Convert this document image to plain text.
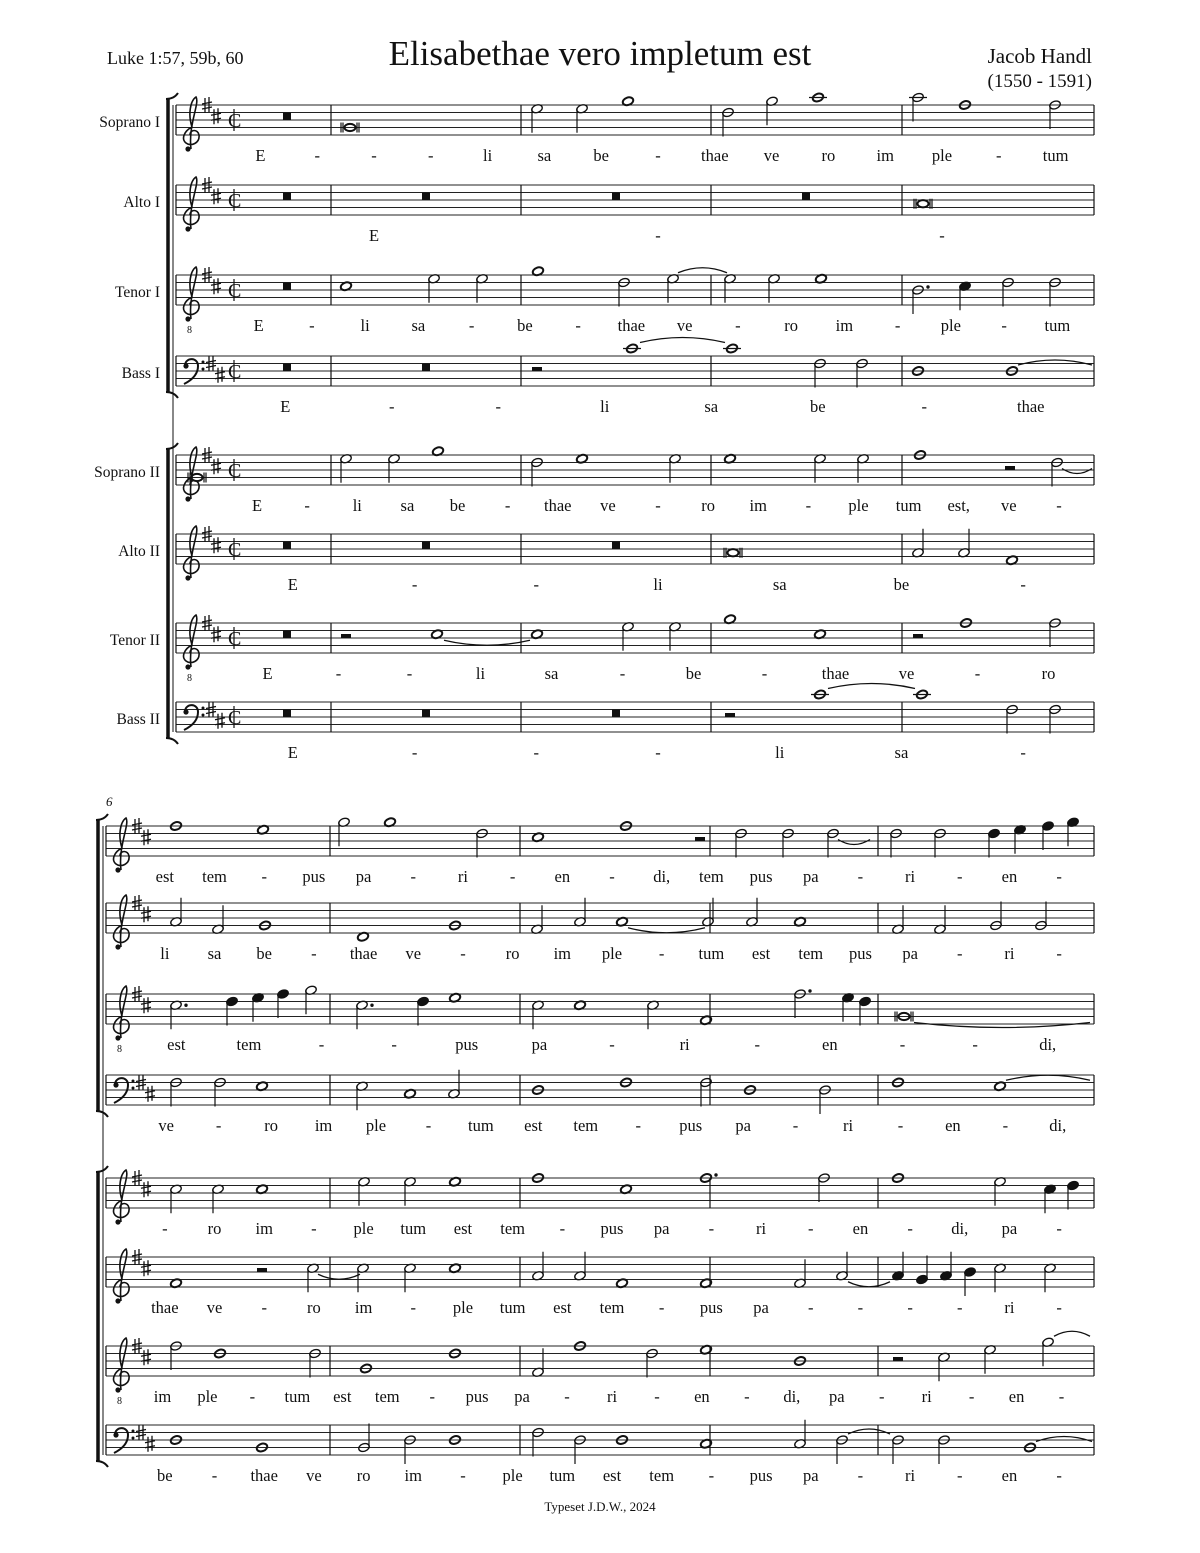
Elisabethae vero impletum est
Luke 1:57, 59b, 60	Jacob Handl
(1550 - 1591)
C
Soprano I
E	-	-	-	li	sa	be	- thae ve	ro im ple	- tum
C
Alto I
E	-	-
8
C
Tenor I
E	-	li	sa	-	be	- thae ve	-	ro im	- ple - tum
C
Bass I
E	-	-	li	sa	be	-	thae
C
Soprano II
E	-	li sa be - thae ve - ro im - ple tum est, ve -
C
Alto II
E	-	-	li	sa	be	-
8
C
Tenor II
E	-	-	li	sa	-	be	-	thae	ve	-	ro
C
Bass II
E	-	-	-	li	sa	-
est tem - pus pa -	ri	- en - di, tem pus pa -	ri	- en -
li sa be - thae ve - ro im ple - tum est tem pus pa -	ri	-
8	est	tem	-	-	pus	pa	-	ri	-	en	-	-	di,
ve	-	ro im ple - tum est tem - pus pa	-	ri	-	en	- di,
- ro im - ple tum est tem - pus pa -	ri	- en - di, pa -
thae ve - ro im - ple tum est tem - pus pa -	-	-	-	ri	-
8 im ple - tum est tem - pus pa - ri - en - di, pa - ri - en -
be - thae ve ro im - ple tum est tem - pus pa -	ri	- en -
6
Typeset J.D.W., 2024
